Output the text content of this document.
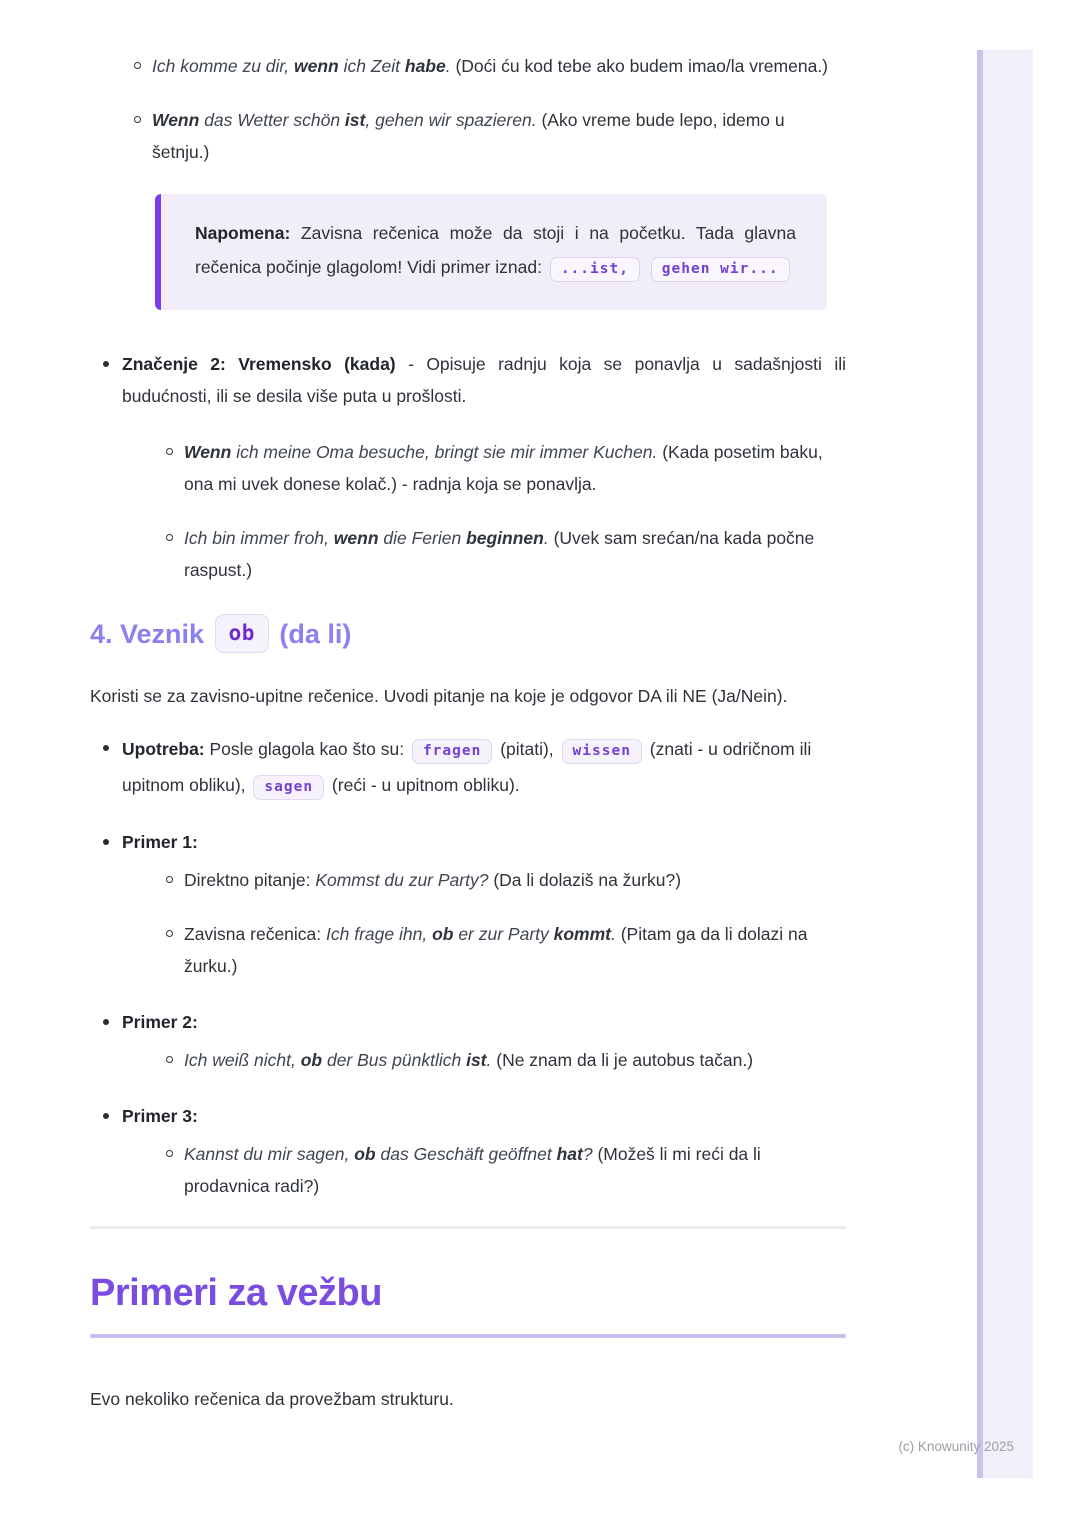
Ich komme zu dir, wenn ich Zeit habe. (Doći ću kod tebe ako budem imao/la vremena.)
Wenn das Wetter schön ist, gehen wir spazieren. (Ako vreme bude lepo, idemo u šetnju.)
Napomena: Zavisna rečenica može da stoji i na početku. Tada glavna rečenica počinje glagolom! Vidi primer iznad: ...ist, gehen wir...
Značenje 2: Vremensko (kada) - Opisuje radnju koja se ponavlja u sadašnjosti ili budućnosti, ili se desila više puta u prošlosti.
Wenn ich meine Oma besuche, bringt sie mir immer Kuchen. (Kada posetim baku, ona mi uvek donese kolač.) - radnja koja se ponavlja.
Ich bin immer froh, wenn die Ferien beginnen. (Uvek sam srećan/na kada počne raspust.)
4. Veznik ob (da li)

Koristi se za zavisno-upitne rečenice. Uvodi pitanje na koje je odgovor DA ili NE (Ja/Nein).

Upotreba: Posle glagola kao što su: fragen (pitati), wissen (znati - u odričnom ili upitnom obliku), sagen (reći - u upitnom obliku).
Primer 1:
Direktno pitanje: Kommst du zur Party? (Da li dolaziš na žurku?)
Zavisna rečenica: Ich frage ihn, ob er zur Party kommt. (Pitam ga da li dolazi na žurku.)
Primer 2:
Ich weiß nicht, ob der Bus pünktlich ist. (Ne znam da li je autobus tačan.)
Primer 3:
Kannst du mir sagen, ob das Geschäft geöffnet hat? (Možeš li mi reći da li prodavnica radi?)
Primeri za vežbu

Evo nekoliko rečenica da provežbam strukturu.

(c) Knowunity 2025
